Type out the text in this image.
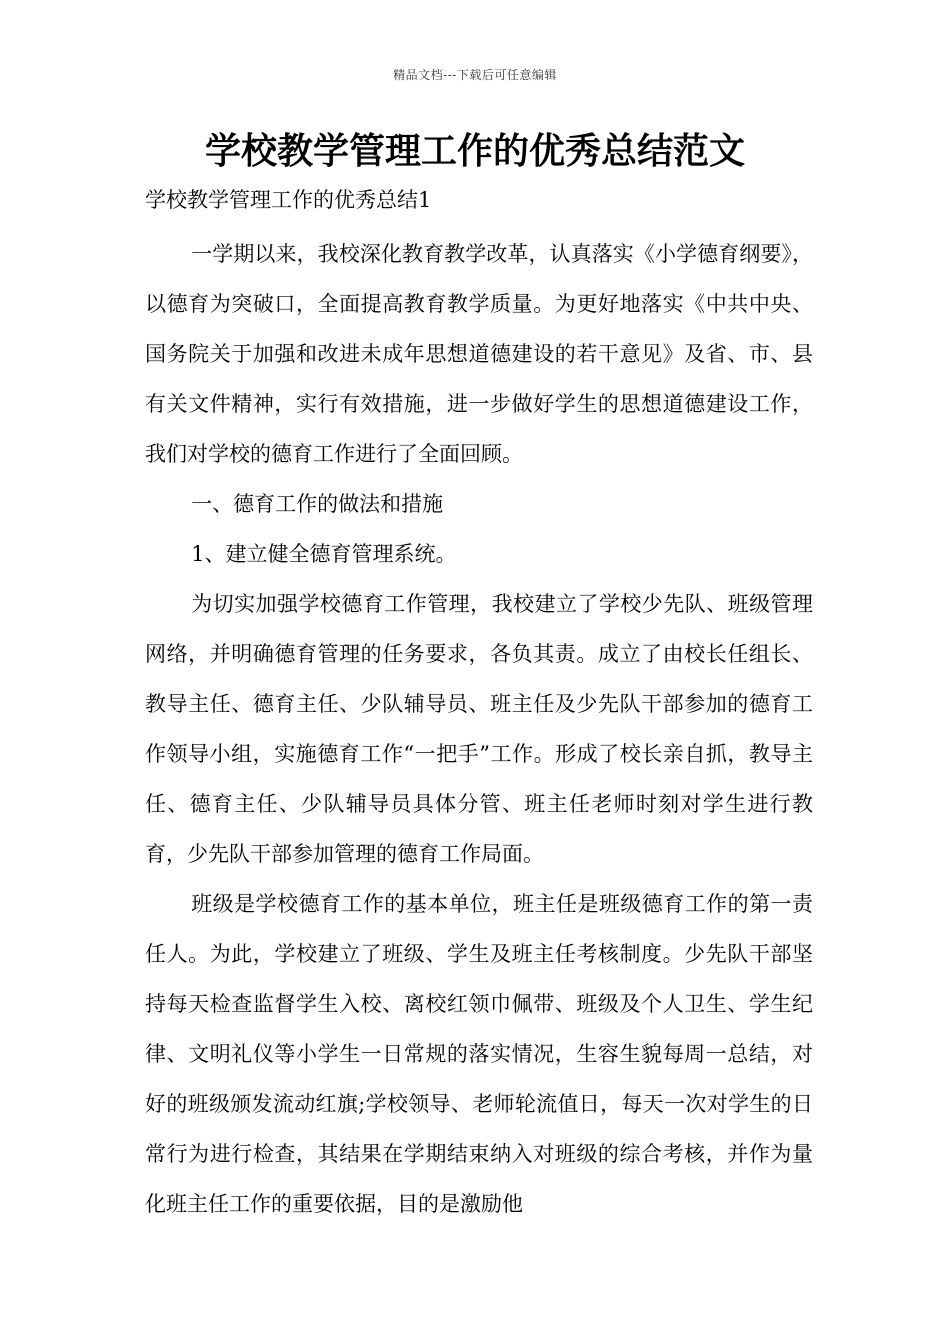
精品文档---下载后可任意编辑
学校教学管理工作的优秀总结范文
学校教学管理工作的优秀总结1

一学期以来，我校深化教育教学改革，认真落实《小学德育纲要》，以德育为突破口，全面提高教育教学质量。为更好地落实《中共中央、国务院关于加强和改进未成年思想道德建设的若干意见》及省、市、县有关文件精神，实行有效措施，进一步做好学生的思想道德建设工作，我们对学校的德育工作进行了全面回顾。

一、德育工作的做法和措施

1、建立健全德育管理系统。

为切实加强学校德育工作管理，我校建立了学校少先队、班级管理网络，并明确德育管理的任务要求，各负其责。成立了由校长任组长、教导主任、德育主任、少队辅导员、班主任及少先队干部参加的德育工作领导小组，实施德育工作“一把手”工作。形成了校长亲自抓，教导主任、德育主任、少队辅导员具体分管、班主任老师时刻对学生进行教育，少先队干部参加管理的德育工作局面。

班级是学校德育工作的基本单位，班主任是班级德育工作的第一责任人。为此，学校建立了班级、学生及班主任考核制度。少先队干部坚持每天检查监督学生入校、离校红领巾佩带、班级及个人卫生、学生纪律、文明礼仪等小学生一日常规的落实情况，生容生貌每周一总结，对好的班级颁发流动红旗;学校领导、老师轮流值日，每天一次对学生的日常行为进行检查，其结果在学期结束纳入对班级的综合考核，并作为量化班主任工作的重要依据，目的是激励他
